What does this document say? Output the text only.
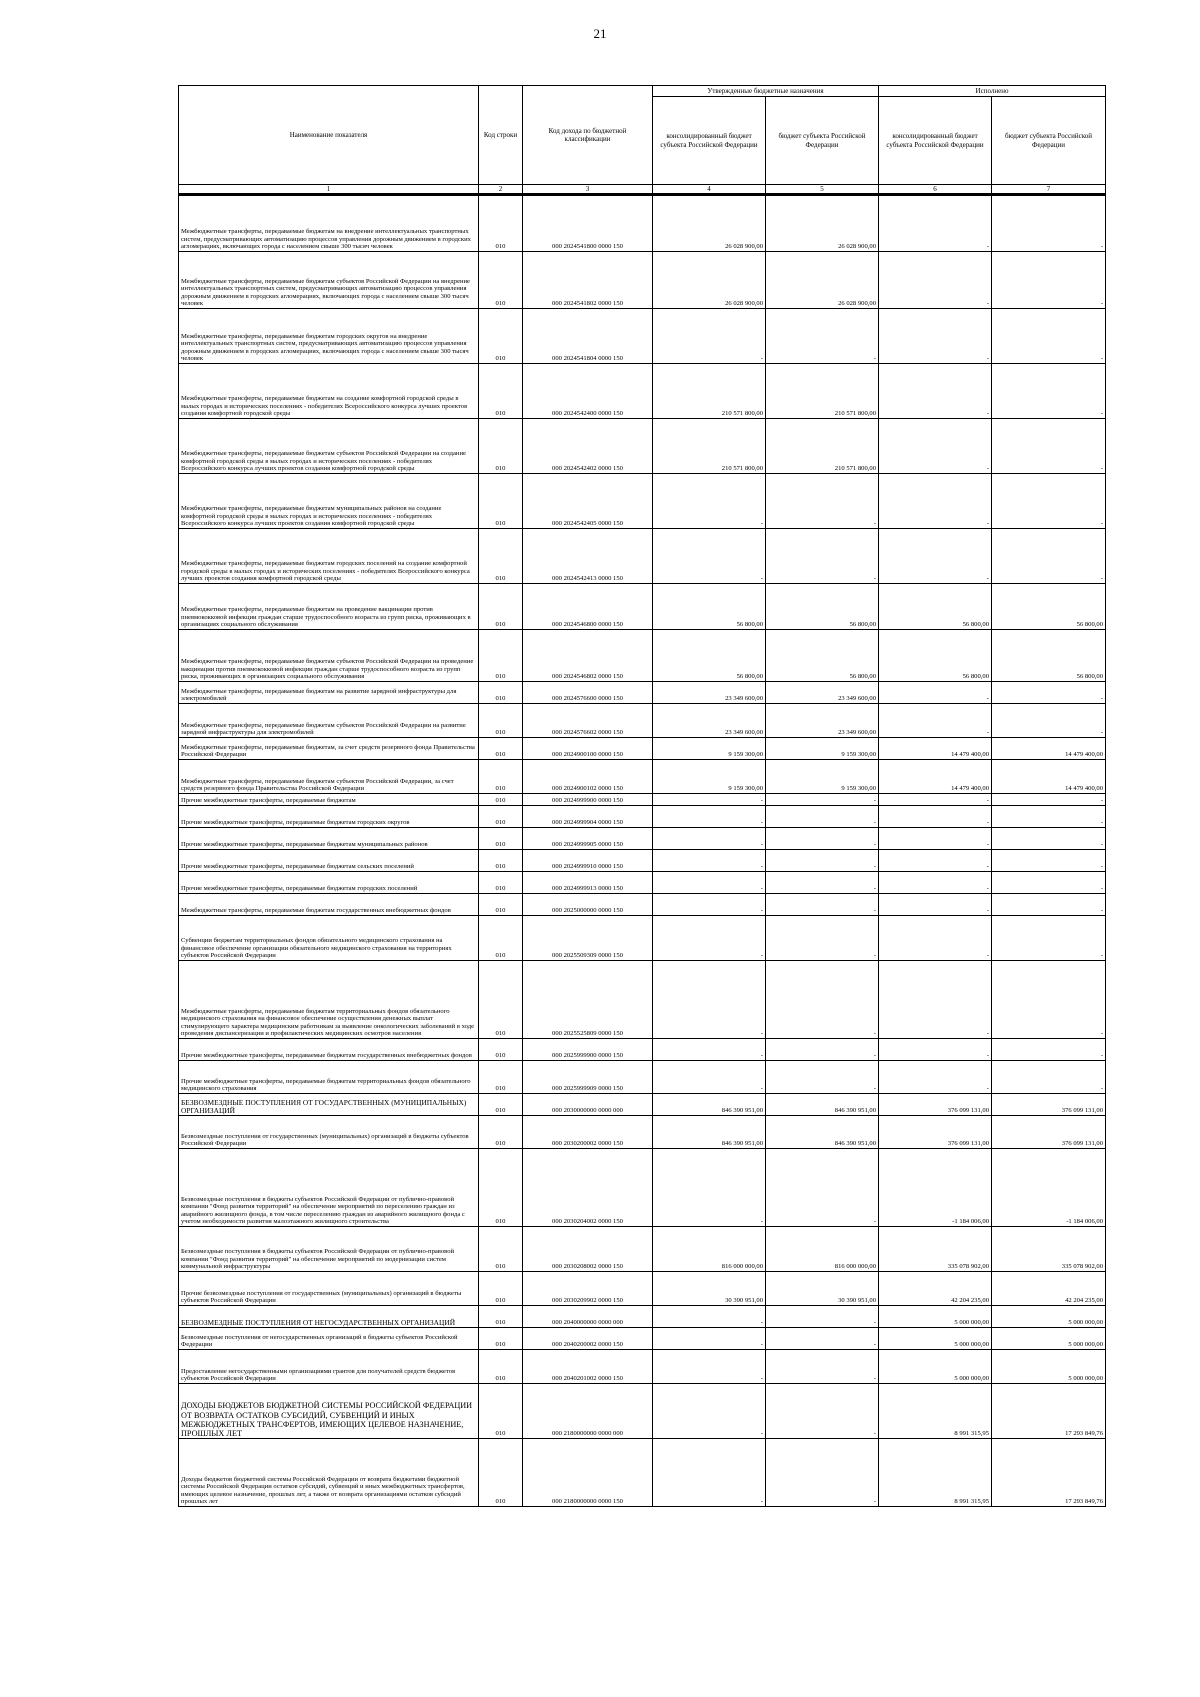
21
Наименование показателя	Код строки	Код дохода по бюджетной классификации	Утвержденные бюджетные назначения		Исполнено	
			консолидированный бюджет субъекта Российской Федерации	бюджет субъекта Российской Федерации	консолидированный бюджет субъекта Российской Федерации	бюджет субъекта Российской Федерации
1	2	3	4	5	6	7
Межбюджетные трансферты, передаваемые бюджетам на внедрение интеллектуальных транспортных систем, предусматривающих автоматизацию процессов управления дорожным движением в городских агломерациях, включающих города с населением свыше 300 тысяч человек	010	000 2024541800 0000 150	26 028 900,00	26 028 900,00	-	-
Межбюджетные трансферты, передаваемые бюджетам субъектов Российской Федерации на внедрение интеллектуальных транспортных систем, предусматривающих автоматизацию процессов управления дорожным движением в городских агломерациях, включающих города с населением свыше 300 тысяч человек	010	000 2024541802 0000 150	26 028 900,00	26 028 900,00	-	-
Межбюджетные трансферты, передаваемые бюджетам городских округов на внедрение интеллектуальных транспортных систем, предусматривающих автоматизацию процессов управления дорожным движением в городских агломерациях, включающих города с населением свыше 300 тысяч человек	010	000 2024541804 0000 150	-	-	-	-
Межбюджетные трансферты, передаваемые бюджетам на создание комфортной городской среды в малых городах и исторических поселениях - победителях Всероссийского конкурса лучших проектов создания комфортной городской среды	010	000 2024542400 0000 150	210 571 800,00	210 571 800,00	-	-
Межбюджетные трансферты, передаваемые бюджетам субъектов Российской Федерации на создание комфортной городской среды в малых городах и исторических поселениях - победителях Всероссийского конкурса лучших проектов создания комфортной городской среды	010	000 2024542402 0000 150	210 571 800,00	210 571 800,00	-	-
Межбюджетные трансферты, передаваемые бюджетам муниципальных районов на создание комфортной городской среды в малых городах и исторических поселениях - победителях Всероссийского конкурса лучших проектов создания комфортной городской среды	010	000 2024542405 0000 150	-	-	-	-
Межбюджетные трансферты, передаваемые бюджетам городских поселений на создание комфортной городской среды в малых городах и исторических поселениях - победителях Всероссийского конкурса лучших проектов создания комфортной городской среды	010	000 2024542413 0000 150	-	-	-	-
Межбюджетные трансферты, передаваемые бюджетам на проведение вакцинации против пневмококковой инфекции граждан старше трудоспособного возраста из групп риска, проживающих в организациях социального обслуживания	010	000 2024546800 0000 150	56 800,00	56 800,00	56 800,00	56 800,00
Межбюджетные трансферты, передаваемые бюджетам субъектов Российской Федерации на проведение вакцинации против пневмококковой инфекции граждан старше трудоспособного возраста из групп риска, проживающих в организациях социального обслуживания	010	000 2024546802 0000 150	56 800,00	56 800,00	56 800,00	56 800,00
Межбюджетные трансферты, передаваемые бюджетам на развитие зарядной инфраструктуры для электромобилей	010	000 2024576600 0000 150	23 349 600,00	23 349 600,00	-	-
Межбюджетные трансферты, передаваемые бюджетам субъектов Российской Федерации на развитие зарядной инфраструктуры для электромобилей	010	000 2024576602 0000 150	23 349 600,00	23 349 600,00	-	-
Межбюджетные трансферты, передаваемые бюджетам, за счет средств резервного фонда Правительства Российской Федерации	010	000 2024900100 0000 150	9 159 300,00	9 159 300,00	14 479 400,00	14 479 400,00
Межбюджетные трансферты, передаваемые бюджетам субъектов Российской Федерации, за счет средств резервного фонда Правительства Российской Федерации	010	000 2024900102 0000 150	9 159 300,00	9 159 300,00	14 479 400,00	14 479 400,00
Прочие межбюджетные трансферты, передаваемые бюджетам	010	000 2024999900 0000 150	-	-	-	-
Прочие межбюджетные трансферты, передаваемые бюджетам городских округов	010	000 2024999904 0000 150	-	-	-	-
Прочие межбюджетные трансферты, передаваемые бюджетам муниципальных районов	010	000 2024999905 0000 150	-	-	-	-
Прочие межбюджетные трансферты, передаваемые бюджетам сельских поселений	010	000 2024999910 0000 150	-	-	-	-
Прочие межбюджетные трансферты, передаваемые бюджетам городских поселений	010	000 2024999913 0000 150	-	-	-	-
Межбюджетные трансферты, передаваемые бюджетам государственных внебюджетных фондов	010	000 2025000000 0000 150	-	-	-	-
Субвенции бюджетам территориальных фондов обязательного медицинского страхования на финансовое обеспечение организации обязательного медицинского страхования на территориях субъектов Российской Федерации	010	000 2025509309 0000 150	-	-	-	-
Межбюджетные трансферты, передаваемые бюджетам территориальных фондов обязательного медицинского страхования на финансовое обеспечение осуществления денежных выплат стимулирующего характера медицинским работникам за выявление онкологических заболеваний в ходе проведения диспансеризации и профилактических медицинских осмотров населения	010	000 2025525809 0000 150	-	-	-	-
Прочие межбюджетные трансферты, передаваемые бюджетам государственных внебюджетных фондов	010	000 2025999900 0000 150	-	-	-	-
Прочие межбюджетные трансферты, передаваемые бюджетам территориальных фондов обязательного медицинского страхования	010	000 2025999909 0000 150	-	-	-	-
БЕЗВОЗМЕЗДНЫЕ ПОСТУПЛЕНИЯ ОТ ГОСУДАРСТВЕННЫХ (МУНИЦИПАЛЬНЫХ) ОРГАНИЗАЦИЙ	010	000 2030000000 0000 000	846 390 951,00	846 390 951,00	376 099 131,00	376 099 131,00
Безвозмездные поступления от государственных (муниципальных) организаций в бюджеты субъектов Российской Федерации	010	000 2030200002 0000 150	846 390 951,00	846 390 951,00	376 099 131,00	376 099 131,00
Безвозмездные поступления в бюджеты субъектов Российской Федерации от публично-правовой компании "Фонд развития территорий" на обеспечение мероприятий по переселению граждан из аварийного жилищного фонда, в том числе переселению граждан из аварийного жилищного фонда с учетом необходимости развития малоэтажного жилищного строительства	010	000 2030204002 0000 150	-	-	-1 184 006,00	-1 184 006,00
Безвозмездные поступления в бюджеты субъектов Российской Федерации от публично-правовой компании "Фонд развития территорий" на обеспечение мероприятий по модернизации систем коммунальной инфраструктуры	010	000 2030208002 0000 150	816 000 000,00	816 000 000,00	335 078 902,00	335 078 902,00
Прочие безвозмездные поступления от государственных (муниципальных) организаций в бюджеты субъектов Российской Федерации	010	000 2030209902 0000 150	30 390 951,00	30 390 951,00	42 204 235,00	42 204 235,00
БЕЗВОЗМЕЗДНЫЕ ПОСТУПЛЕНИЯ ОТ НЕГОСУДАРСТВЕННЫХ ОРГАНИЗАЦИЙ	010	000 2040000000 0000 000	-	-	5 000 000,00	5 000 000,00
Безвозмездные поступления от негосударственных организаций в бюджеты субъектов Российской Федерации	010	000 2040200002 0000 150	-	-	5 000 000,00	5 000 000,00
Предоставление негосударственными организациями грантов для получателей средств бюджетов субъектов Российской Федерации	010	000 2040201002 0000 150	-	-	5 000 000,00	5 000 000,00
ДОХОДЫ БЮДЖЕТОВ БЮДЖЕТНОЙ СИСТЕМЫ РОССИЙСКОЙ ФЕДЕРАЦИИ ОТ ВОЗВРАТА ОСТАТКОВ СУБСИДИЙ, СУБВЕНЦИЙ И ИНЫХ МЕЖБЮДЖЕТНЫХ ТРАНСФЕРТОВ, ИМЕЮЩИХ ЦЕЛЕВОЕ НАЗНАЧЕНИЕ, ПРОШЛЫХ ЛЕТ	010	000 2180000000 0000 000	-	-	8 991 315,95	17 293 849,76
Доходы бюджетов бюджетной системы Российской Федерации от возврата бюджетами бюджетной системы Российской Федерации остатков субсидий, субвенций и иных межбюджетных трансфертов, имеющих целевое назначение, прошлых лет, а также от возврата организациями остатков субсидий прошлых лет	010	000 2180000000 0000 150	-	-	8 991 315,95	17 293 849,76
